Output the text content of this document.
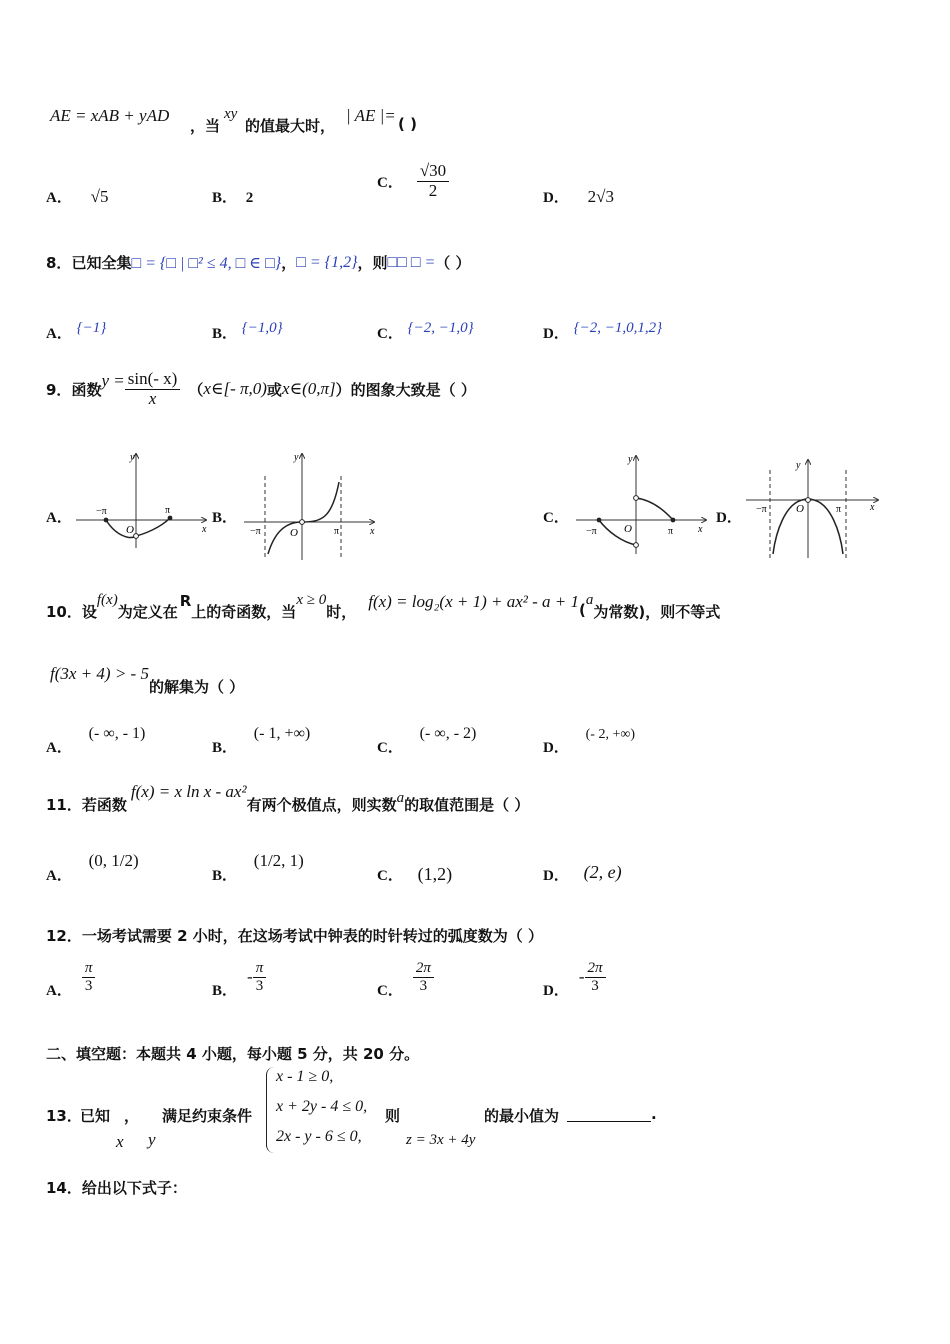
AE = xAB + yAD
，当
xy
的值最大时，
| AE |= ( )
A． √5	B． 2
C． $\frac{√30}{2}$	D． 2√3
8． 已知全集 □ = {□ | □² ≤ 4, □ ∈ □} ， □ = {1,2} ，则 □□ □ = （ ）
A． {−1}	B． {−1,0}	C． {−2, −1,0}	D． {−2, −1,0,1,2}
9． 函数 $y = \frac{\sin(- x)}{x}$ （ x∈[- π,0) 或 x∈(0,π] ）的图象大致是（ ）
A．	B．	C．	D．
y
x
O
−π	π
y
x
O
−π	π
y
x
O
−π	π
y
x
O
−π	π
10． 设
f(x)
为定义在
R
上的奇函数，当
x ≥ 0
时，
f(x) = log₂(x + 1) + ax² - a + 1 (
a
为常数)，则不等式
f(3x + 4) > - 5
的解集为（ ）
A． (- ∞, - 1)
B． (- 1, +∞)
C． (- ∞, - 2)
D． (- 2, +∞)
11． 若函数
f(x) = x ln x - ax²
有两个极值点，则实数 a 的取值范围是（ ）
A． (0, 1/2)
B． (1/2, 1)
C． (1,2)	D． (2, e)
12．一场考试需要 2 小时，在这场考试中钟表的时针转过的弧度数为（ ）
A． $\frac{\pi}{3}$	B．
- $\frac{\pi}{3}$	C． $\frac{2\pi}{3}$	D．
- $\frac{2\pi}{3}$
二、填空题：本题共 4 小题，每小题 5 分，共 20 分。
13．
已知 ， 满足约束条件
x y
x - 1 ≥ 0,
x + 2y - 4 ≤ 0,
2x - y - 6 ≤ 0,
则
z = 3x + 4y
的最小值为	.
14．给出以下式子：
